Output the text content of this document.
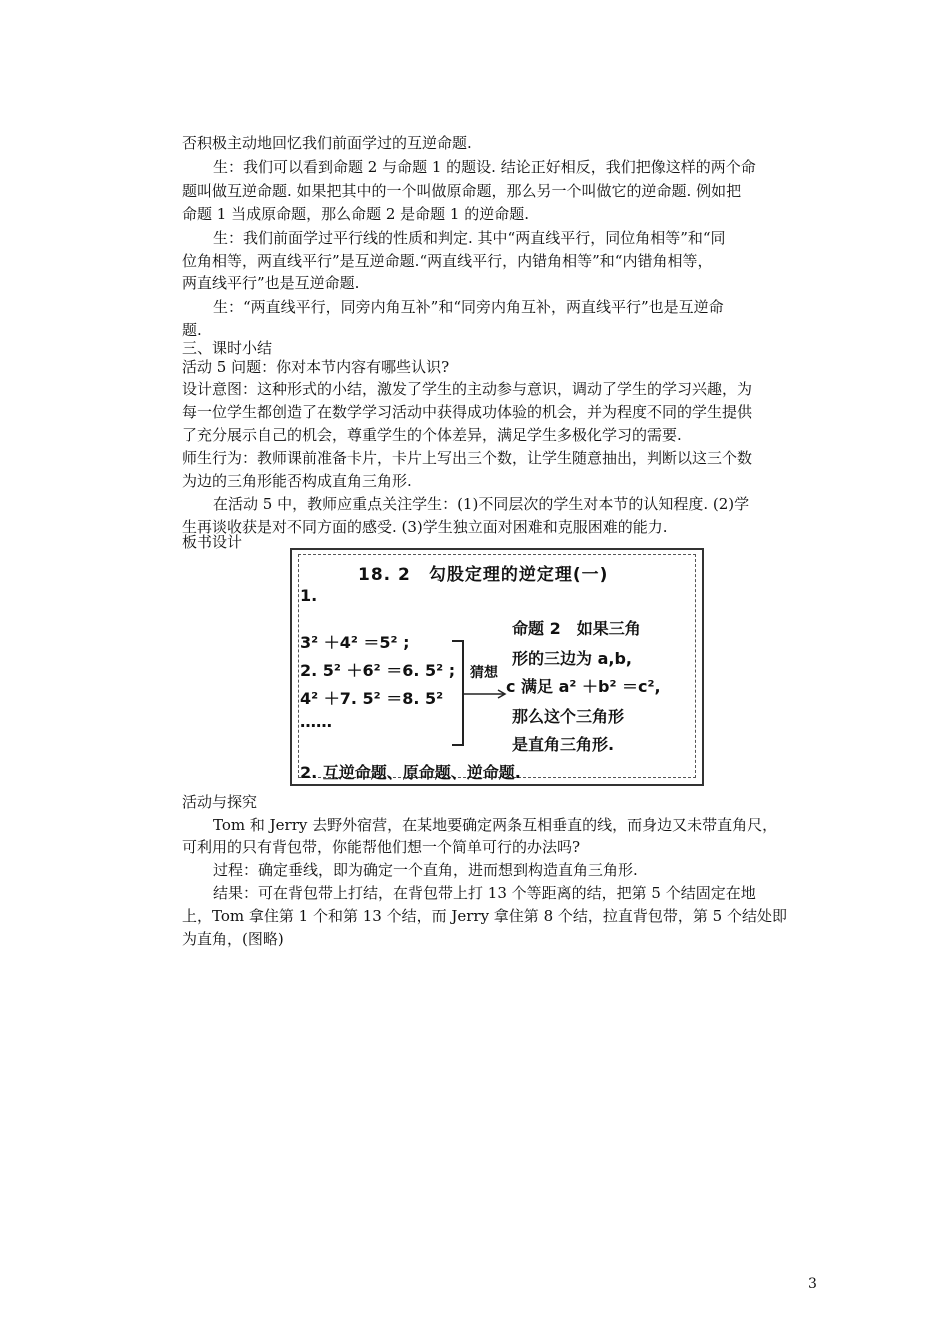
否积极主动地回忆我们前面学过的互逆命题.
生：我们可以看到命题 2 与命题 1 的题设. 结论正好相反，我们把像这样的两个命
题叫做互逆命题. 如果把其中的一个叫做原命题，那么另一个叫做它的逆命题. 例如把
命题 1 当成原命题，那么命题 2 是命题 1 的逆命题.
生：我们前面学过平行线的性质和判定. 其中“两直线平行，同位角相等”和“同
位角相等，两直线平行”是互逆命题.“两直线平行，内错角相等”和“内错角相等，
两直线平行”也是互逆命题.
生：“两直线平行，同旁内角互补”和“同旁内角互补，两直线平行”也是互逆命
题.
三、课时小结
活动 5 问题：你对本节内容有哪些认识?
设计意图：这种形式的小结，激发了学生的主动参与意识，调动了学生的学习兴趣，为
每一位学生都创造了在数学学习活动中获得成功体验的机会，并为程度不同的学生提供
了充分展示自己的机会，尊重学生的个体差异，满足学生多极化学习的需要.
师生行为：教师课前准备卡片，卡片上写出三个数，让学生随意抽出，判断以这三个数
为边的三角形能否构成直角三角形.
在活动 5 中，教师应重点关注学生：(1)不同层次的学生对本节的认知程度. (2)学
生再谈收获是对不同方面的感受. (3)学生独立面对困难和克服困难的能力.
板书设计
18. 2　勾股定理的逆定理(一)
1.
3² ＋4² ＝5² ;
2. 5² ＋6² ＝6. 5² ;
4² ＋7. 5² ＝8. 5²
……
猜想
命题 2　如果三角
形的三边为 a,b,
c 满足 a² ＋b² ＝c²,
那么这个三角形
是直角三角形.
2. 互逆命题、原命题、逆命题.
活动与探究
Tom 和 Jerry 去野外宿营，在某地要确定两条互相垂直的线，而身边又未带直角尺，
可利用的只有背包带，你能帮他们想一个简单可行的办法吗?
过程：确定垂线，即为确定一个直角，进而想到构造直角三角形.
结果：可在背包带上打结，在背包带上打 13 个等距离的结，把第 5 个结固定在地
上，Tom 拿住第 1 个和第 13 个结，而 Jerry 拿住第 8 个结，拉直背包带，第 5 个结处即
为直角，(图略)
3
